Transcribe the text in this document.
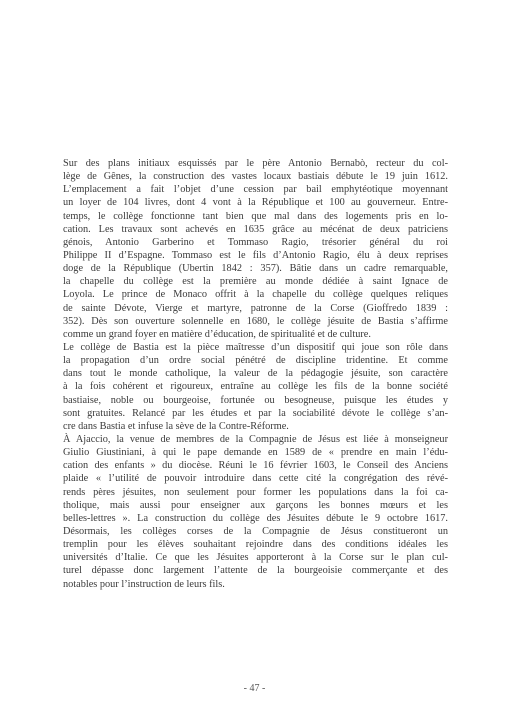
Sur des plans initiaux esquissés par le père Antonio Bernabò, recteur du col-
lège de Gênes, la construction des vastes locaux bastiais débute le 19 juin 1612.
L’emplacement a fait l’objet d’une cession par bail emphytéotique moyennant
un loyer de 104 livres, dont 4 vont à la République et 100 au gouverneur. Entre-
temps, le collège fonctionne tant bien que mal dans des logements pris en lo-
cation. Les travaux sont achevés en 1635 grâce au mécénat de deux patriciens
génois, Antonio Garberino et Tommaso Ragio, trésorier général du roi
Philippe II d’Espagne. Tommaso est le fils d’Antonio Ragio, élu à deux reprises
doge de la République (Ubertin 1842 : 357). Bâtie dans un cadre remarquable,
la chapelle du collège est la première au monde dédiée à saint Ignace de
Loyola. Le prince de Monaco offrit à la chapelle du collège quelques reliques
de sainte Dévote, Vierge et martyre, patronne de la Corse (Gioffredo 1839 :
352). Dès son ouverture solennelle en 1680, le collège jésuite de Bastia s’affirme
comme un grand foyer en matière d’éducation, de spiritualité et de culture.
Le collège de Bastia est la pièce maîtresse d’un dispositif qui joue son rôle dans
la propagation d’un ordre social pénétré de discipline tridentine. Et comme
dans tout le monde catholique, la valeur de la pédagogie jésuite, son caractère
à la fois cohérent et rigoureux, entraîne au collège les fils de la bonne société
bastiaise, noble ou bourgeoise, fortunée ou besogneuse, puisque les études y
sont gratuites. Relancé par les études et par la sociabilité dévote le collège s’an-
cre dans Bastia et infuse la sève de la Contre-Réforme.
À Ajaccio, la venue de membres de la Compagnie de Jésus est liée à monseigneur
Giulio Giustiniani, à qui le pape demande en 1589 de « prendre en main l’édu-
cation des enfants » du diocèse. Réuni le 16 février 1603, le Conseil des Anciens
plaide « l’utilité de pouvoir introduire dans cette cité la congrégation des révé-
rends pères jésuites, non seulement pour former les populations dans la foi ca-
tholique, mais aussi pour enseigner aux garçons les bonnes mœurs et les
belles-lettres ». La construction du collège des Jésuites débute le 9 octobre 1617.
Désormais, les collèges corses de la Compagnie de Jésus constitueront un
tremplin pour les élèves souhaitant rejoindre dans des conditions idéales les
universités d’Italie. Ce que les Jésuites apporteront à la Corse sur le plan cul-
turel dépasse donc largement l’attente de la bourgeoisie commerçante et des
notables pour l’instruction de leurs fils.
- 47 -
